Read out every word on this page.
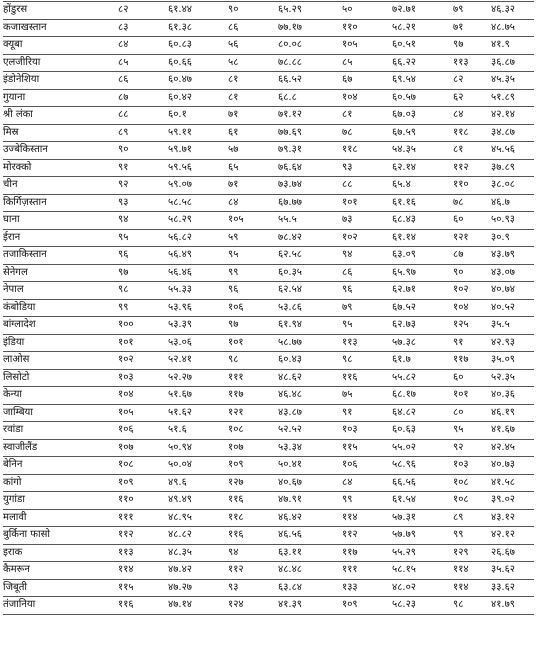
होंडुरस	८२	६१.४४	९०	६५.२९	५०	७२.७१	७९	४६.३२
कजाखस्तान	८३	६१.३८	८६	७७.१७	११०	५८.२१	७१	४८.७५
क्यूबा	८४	६०.८३	५६	८०.०८	१०५	६०.५१	९७	४१.९
एलजीरिया	८५	६०.६६	५८	७८.८८	८५	६६.२२	११३	३६.८७
इंडोनेशिया	८६	६०.४७	८१	६६.५२	६७	६९.५४	८२	४५.३५
गुयाना	८७	६०.४२	८१	६८.८	१०४	६०.५७	६२	५१.८९
श्री लंका	८८	६०.१	७१	७१.१२	८१	६७.०३	८४	४२.१४
मिस्र	८९	५९.११	६१	७७.६९	७८	६७.५९	११८	३४.८७
उज्बेकिस्तान	९०	५९.७१	५७	७९.३१	११८	५४.३५	८१	४५.५६
मोरक्को	९१	५९.५६	६५	७६.६४	९३	६२.१४	११२	३७.८९
चीन	९२	५९.०७	७१	७३.७४	८८	६५.४	११०	३८.०८
किर्गिज़स्तान	९३	५८.५८	८४	६७.७७	१०१	६१.१६	७८	४६.७
घाना	९४	५८.२९	१०५	५५.५	७३	६८.४३	६०	५०.९३
ईरान	९५	५६.८२	५९	७८.४२	१०२	६१.१४	१२१	३०.९
तजाकिस्तान	९६	५६.४९	९५	६२.५८	९४	६३.०९	८७	४३.७९
सेनेगल	९७	५६.४६	९९	६०.३५	८६	६५.९७	९०	४३.०७
नेपाल	९८	५५.३३	९६	६२.५४	९६	६२.७१	१०२	४०.७४
कंबोडिया	९९	५३.९६	१०६	५३.८६	७९	६७.५२	१०४	४०.५२
बांग्लादेश	१००	५३.३९	९७	६१.९४	९५	६२.७३	१२५	३५.५
इंडिया	१०१	५३.०६	१०१	५८.७७	११३	५७.३८	९१	४२.९३
लाओस	१०२	५२.४१	९८	६०.४३	९८	६१.७	११७	३५.०९
लिसोटो	१०३	५२.२७	१११	४८.६२	११६	५५.८२	६०	५२.३५
केन्या	१०४	५१.६७	११७	४६.४८	७५	६८.१७	१०१	४०.३६
जाम्बिया	१०५	५१.६२	१२१	४३.८७	९१	६४.८२	८०	४६.१९
रवांडा	१०६	५१.६	१०८	५२.५२	१०३	६०.६३	९५	४१.६७
स्वाजीलैंड	१०७	५०.९४	१०७	५३.३४	११५	५५.०२	९२	४२.४५
बेनिन	१०८	५०.०४	१०९	५०.४१	१०६	५८.९६	१०३	४०.७३
कांगो	१०९	४९.६	१२७	४०.६७	८४	६६.५६	१०८	४१.५८
युगांडा	११०	४९.४९	११६	४७.९१	९९	६१.५४	१०८	३९.०२
मलावी	१११	४८.९५	११८	४६.४२	११४	५७.३१	८९	४३.१२
बुर्किना फासो	११२	४८.८२	११६	४६.५६	११२	५७.७९	९९	४२.१२
इराक	११३	४८.३५	९४	६३.११	११७	५५.२९	१२९	२६.६७
कैमरून	११४	४७.४२	११२	४८.४८	१११	५८.१५	११४	३५.६२
जिबूती	११५	४७.२७	९३	६३.८४	१३३	४८.०२	११४	३३.६२
तंजानिया	११६	४७.१४	१२४	४१.३९	१०९	५८.२३	९८	४१.७९
